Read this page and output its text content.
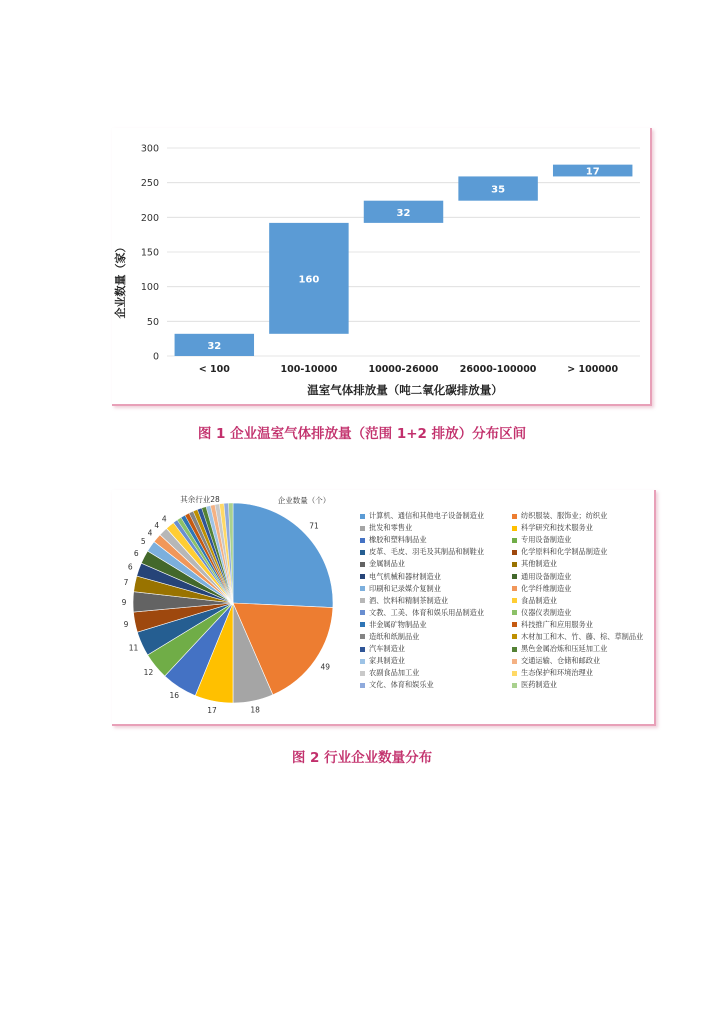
0
50
100
150
200
250
300
32
160
32
35
17
< 100	100-10000	10000-26000 26000-100000	> 100000
企业数量（家）
温室气体排放量（吨二氧化碳排放量）
图 1 企业温室气体排放量（范围 1+2 排放）分布区间
71
49
18
17
16
12
11
9
9
7
6
6
5
4
4
4
其余行业28	企业数量（个）
计算机、通信和其他电子设备制造业	纺织服装、服饰业；纺织业
批发和零售业	科学研究和技术服务业
橡胶和塑料制品业	专用设备制造业
皮革、毛皮、羽毛及其制品和制鞋业	化学原料和化学制品制造业
金属制品业	其他制造业
电气机械和器材制造业	通用设备制造业
印刷和记录媒介复制业	化学纤维制造业
酒、饮料和精制茶制造业	食品制造业
文教、工美、体育和娱乐用品制造业	仪器仪表制造业
非金属矿物制品业	科技推广和应用服务业
造纸和纸制品业	木材加工和木、竹、藤、棕、草制品业
汽车制造业	黑色金属冶炼和压延加工业
家具制造业	交通运输、仓储和邮政业
农副食品加工业	生态保护和环境治理业
文化、体育和娱乐业	医药制造业
图 2 行业企业数量分布
